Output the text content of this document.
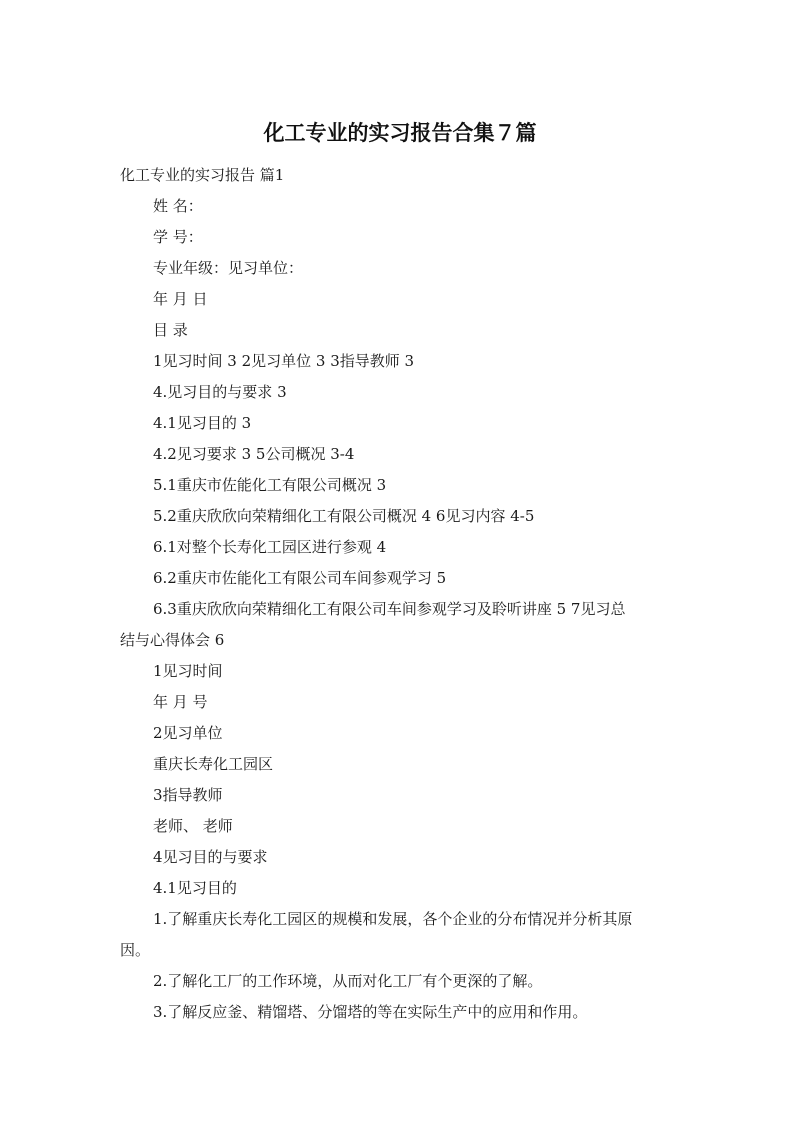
化工专业的实习报告合集７篇

化工专业的实习报告 篇1

姓 名：

学 号：

专业年级：见习单位：

年 月 日

目 录

1见习时间 3 2见习单位 3 3指导教师 3

4.见习目的与要求 3

4.1见习目的 3

4.2见习要求 3 5公司概况 3-4

5.1重庆市佐能化工有限公司概况 3

5.2重庆欣欣向荣精细化工有限公司概况 4 6见习内容 4-5

6.1对整个长寿化工园区进行参观 4

6.2重庆市佐能化工有限公司车间参观学习 5

6.3重庆欣欣向荣精细化工有限公司车间参观学习及聆听讲座 5 7见习总

结与心得体会 6

1见习时间

年 月 号

2见习单位

重庆长寿化工园区

3指导教师

老师、 老师

4见习目的与要求

4.1见习目的

1.了解重庆长寿化工园区的规模和发展，各个企业的分布情况并分析其原

因。

2.了解化工厂的工作环境，从而对化工厂有个更深的了解。

3.了解反应釜、精馏塔、分馏塔的等在实际生产中的应用和作用。
